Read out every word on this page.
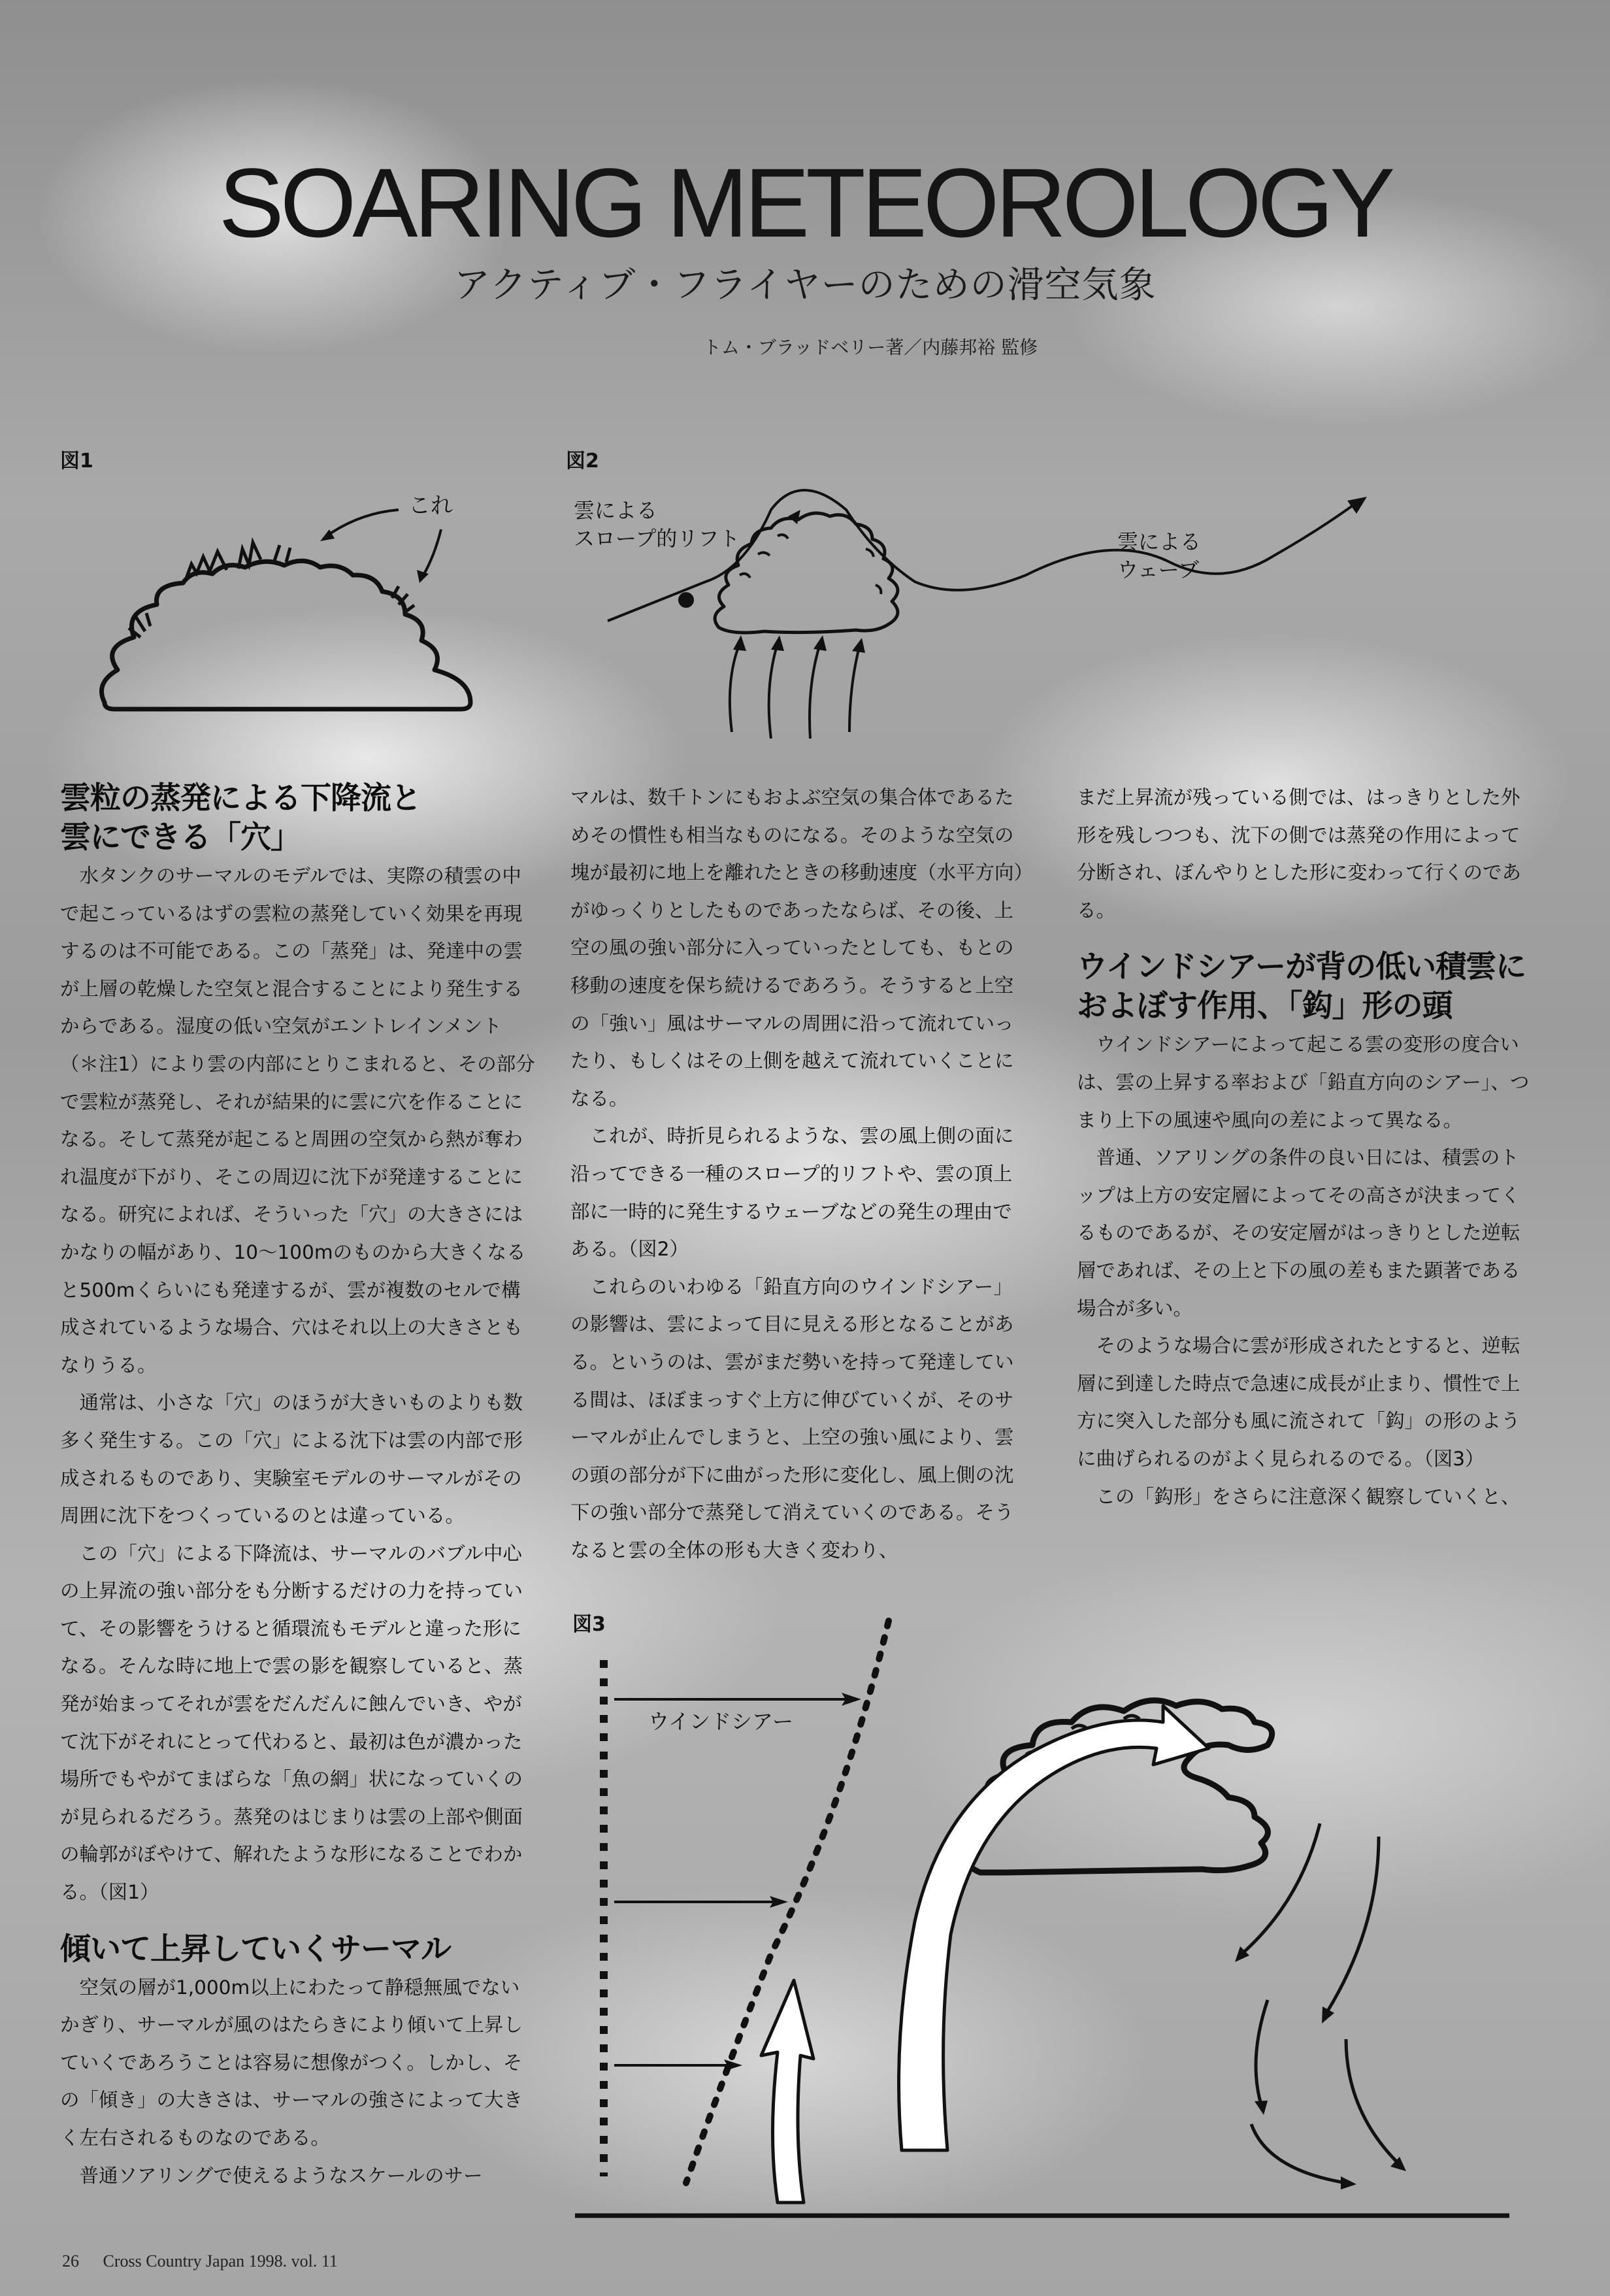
SOARING METEOROLOGY
アクティブ・フライヤーのための滑空気象
トム・ブラッドベリー著／内藤邦裕 監修
図1
これ
図2
雲による
スロープ的リフト	雲による
ウェーブ
雲粒の蒸発による下降流と
雲にできる「穴」

水タンクのサーマルのモデルでは、実際の積雲の中で起こっているはずの雲粒の蒸発していく効果を再現するのは不可能である。この「蒸発」は、発達中の雲が上層の乾燥した空気と混合することにより発生するからである。湿度の低い空気がエントレインメント（＊注1）により雲の内部にとりこまれると、その部分で雲粒が蒸発し、それが結果的に雲に穴を作ることになる。そして蒸発が起こると周囲の空気から熱が奪われ温度が下がり、そこの周辺に沈下が発達することになる。研究によれば、そういった「穴」の大きさにはかなりの幅があり、10〜100mのものから大きくなると500mくらいにも発達するが、雲が複数のセルで構成されているような場合、穴はそれ以上の大きさともなりうる。

通常は、小さな「穴」のほうが大きいものよりも数多く発生する。この「穴」による沈下は雲の内部で形成されるものであり、実験室モデルのサーマルがその周囲に沈下をつくっているのとは違っている。

この「穴」による下降流は、サーマルのバブル中心の上昇流の強い部分をも分断するだけの力を持っていて、その影響をうけると循環流もモデルと違った形になる。そんな時に地上で雲の影を観察していると、蒸発が始まってそれが雲をだんだんに蝕んでいき、やがて沈下がそれにとって代わると、最初は色が濃かった場所でもやがてまばらな「魚の網」状になっていくのが見られるだろう。蒸発のはじまりは雲の上部や側面の輪郭がぼやけて、解れたような形になることでわかる。（図1）

傾いて上昇していくサーマル

空気の層が1,000m以上にわたって静穏無風でないかぎり、サーマルが風のはたらきにより傾いて上昇していくであろうことは容易に想像がつく。しかし、その「傾き」の大きさは、サーマルの強さによって大きく左右されるものなのである。

普通ソアリングで使えるようなスケールのサー

マルは、数千トンにもおよぶ空気の集合体であるためその慣性も相当なものになる。そのような空気の塊が最初に地上を離れたときの移動速度（水平方向）がゆっくりとしたものであったならば、その後、上空の風の強い部分に入っていったとしても、もとの移動の速度を保ち続けるであろう。そうすると上空の「強い」風はサーマルの周囲に沿って流れていったり、もしくはその上側を越えて流れていくことになる。

これが、時折見られるような、雲の風上側の面に沿ってできる一種のスロープ的リフトや、雲の頂上部に一時的に発生するウェーブなどの発生の理由である。（図2）

これらのいわゆる「鉛直方向のウインドシアー」の影響は、雲によって目に見える形となることがある。というのは、雲がまだ勢いを持って発達している間は、ほぼまっすぐ上方に伸びていくが、そのサーマルが止んでしまうと、上空の強い風により、雲の頭の部分が下に曲がった形に変化し、風上側の沈下の強い部分で蒸発して消えていくのである。そうなると雲の全体の形も大きく変わり、

まだ上昇流が残っている側では、はっきりとした外形を残しつつも、沈下の側では蒸発の作用によって分断され、ぼんやりとした形に変わって行くのである。

ウインドシアーが背の低い積雲に
およぼす作用、「鈎」形の頭

ウインドシアーによって起こる雲の変形の度合いは、雲の上昇する率および「鉛直方向のシアー」、つまり上下の風速や風向の差によって異なる。

普通、ソアリングの条件の良い日には、積雲のトップは上方の安定層によってその高さが決まってくるものであるが、その安定層がはっきりとした逆転層であれば、その上と下の風の差もまた顕著である場合が多い。

そのような場合に雲が形成されたとすると、逆転層に到達した時点で急速に成長が止まり、慣性で上方に突入した部分も風に流されて「鈎」の形のように曲げられるのがよく見られるのでる。（図3）

この「鈎形」をさらに注意深く観察していくと、

図3
ウインドシアー
26 Cross Country Japan 1998. vol. 11
